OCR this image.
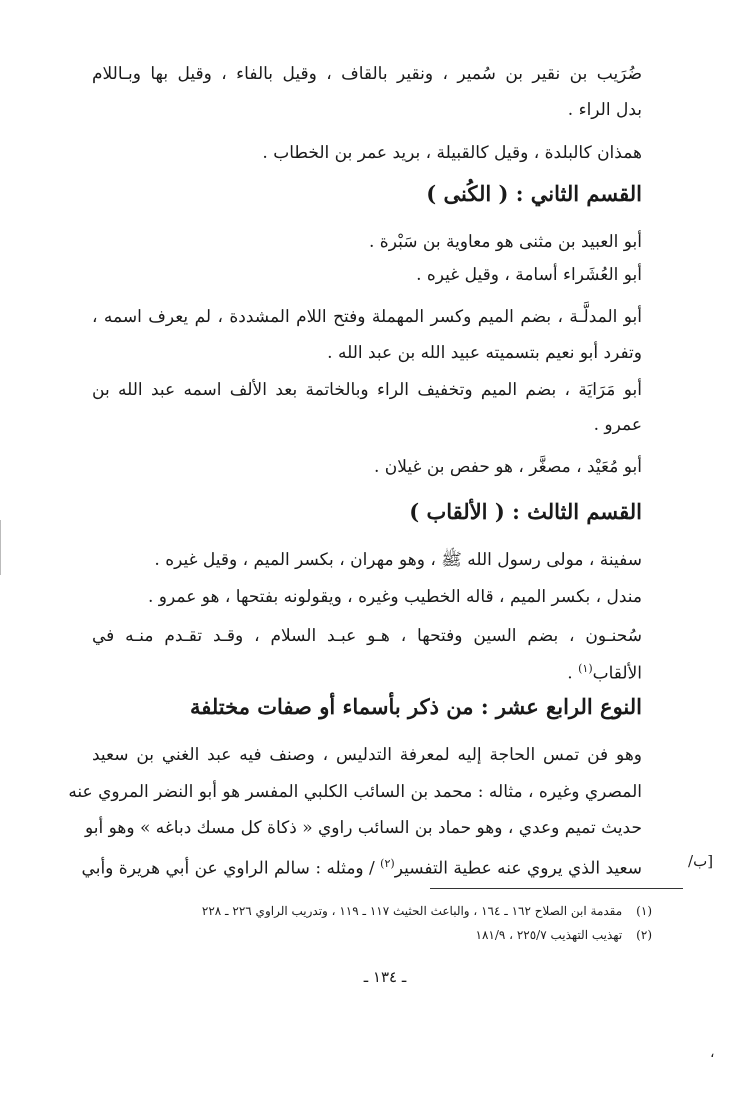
ضُرَيب بن نقير بن سُمير ، ونقير بالقاف ، وقيل بالفاء ، وقيل بها وبـاللام
بدل الراء .
همذان كالبلدة ، وقيل كالقبيلة ، بريد عمر بن الخطاب .
القسم الثاني : ( الكُنى )
أبو العبيد بن مثنى هو معاوية بن سَبْرة .
أبو العُشَراء أسامة ، وقيل غيره .
أبو المدلَّـة ، بضم الميم وكسر المهملة وفتح اللام المشددة ، لم يعرف اسمه ،
وتفرد أبو نعيم بتسميته عبيد الله بن عبد الله .
أبو مَرَايَة ، بضم الميم وتخفيف الراء وبالخاتمة بعد الألف اسمه عبد الله بن
عمرو .
أبو مُعَيْد ، مصغَّر ، هو حفص بن غيلان .
القسم الثالث : ( الألقاب )
سفينة ، مولى رسول الله ﷺ ، وهو مهران ، بكسر الميم ، وقيل غيره .
مندل ، بكسر الميم ، قاله الخطيب وغيره ، ويقولونه بفتحها ، هو عمرو .
سُحنـون ، بضم السين وفتحها ، هـو عبـد السلام ، وقـد تقـدم منـه في
الألقاب$^{(١)}$ .
النوع الرابع عشر : من ذكر بأسماء أو صفات مختلفة
وهو فن تمس الحاجة إليه لمعرفة التدليس ، وصنف فيه عبد الغني بن سعيد
المصري وغيره ، مثاله : محمد بن السائب الكلبي المفسر هو أبو النضر المروي عنه
حديث تميم وعدي ، وهو حماد بن السائب راوي « ذكاة كل مسك دباغه » وهو أبو
سعيد الذي يروي عنه عطية التفسير$^{(٢)}$ / ومثله : سالم الراوي عن أبي هريرة وأبي	/ب]
(١) مقدمة ابن الصلاح ١٦٢ ـ ١٦٤ ، والباعث الحثيث ١١٧ ـ ١١٩ ، وتدريب الراوي ٢٢٦ ـ ٢٢٨
(٢) تهذيب التهذيب ٢٢٥/٧ ، ١٨١/٩
ـ ١٣٤ ـ
،
